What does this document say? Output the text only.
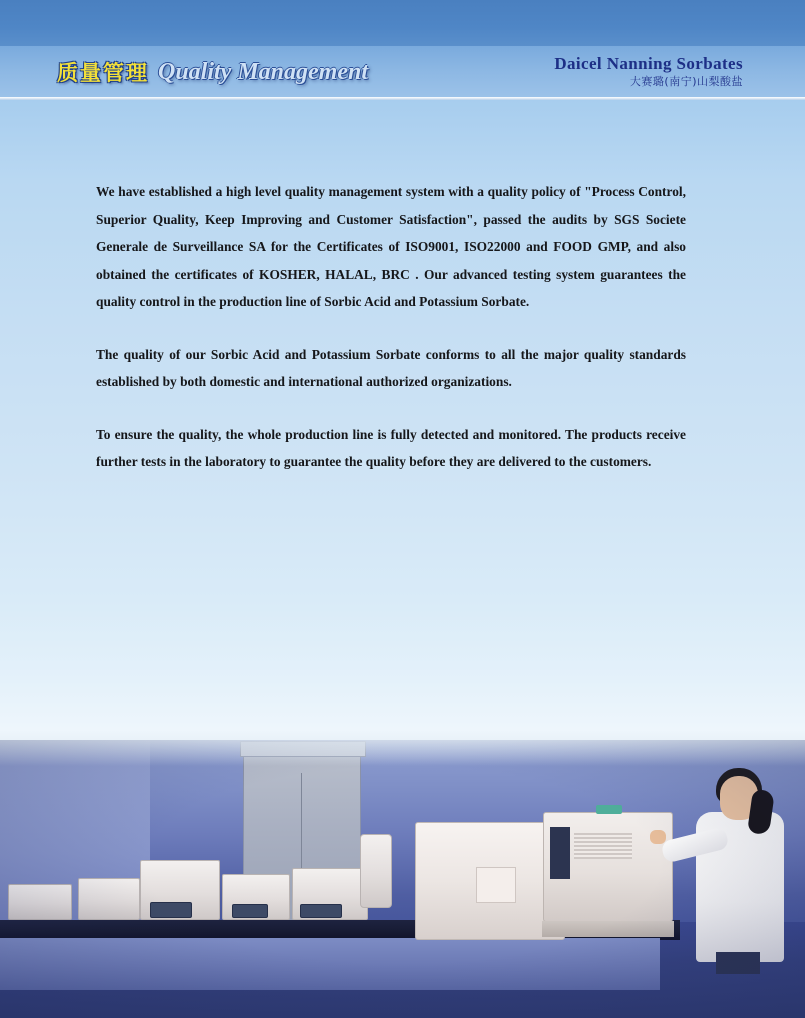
质量管理 Quality Management	Daicel Nanning Sorbates
大赛璐(南宁)山梨酸盐

We have established a high level quality management system with a quality policy of "Process Control, Superior Quality, Keep Improving and Customer Satisfaction", passed the audits by SGS Societe Generale de Surveillance SA for the Certificates of ISO9001, ISO22000 and FOOD GMP, and also obtained the certificates of KOSHER, HALAL, BRC . Our advanced testing system guarantees the quality control in the production line of Sorbic Acid and Potassium Sorbate.

The quality of our Sorbic Acid and Potassium Sorbate conforms to all the major quality standards established by both domestic and international authorized organizations.

To ensure the quality, the whole production line is fully detected and monitored. The products receive further tests in the laboratory to guarantee the quality before they are delivered to the customers.
